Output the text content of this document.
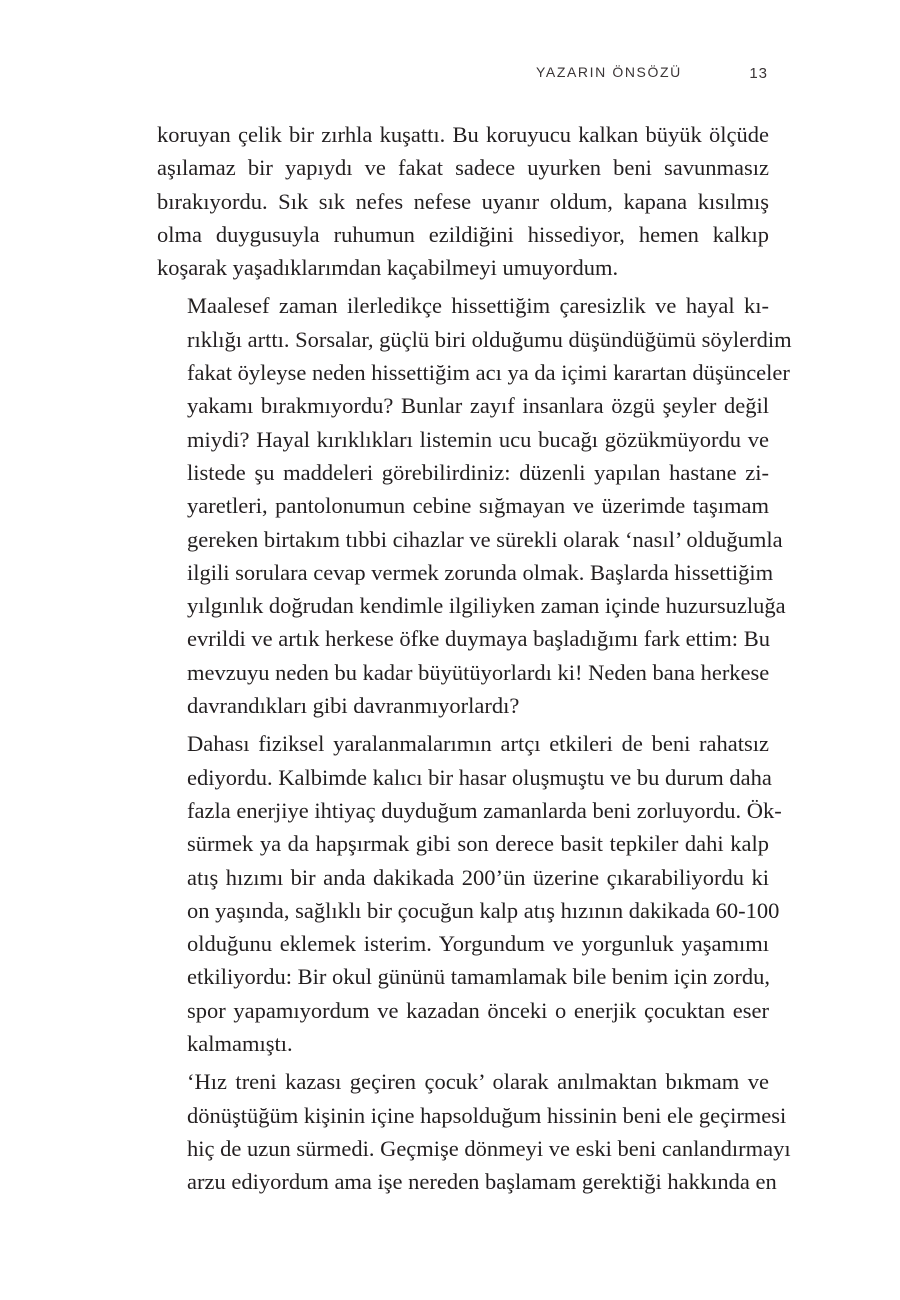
YAZARIN ÖNSÖZÜ	13

koruyan çelik bir zırhla kuşattı. Bu koruyucu kalkan büyük ölçüde
aşılamaz bir yapıydı ve fakat sadece uyurken beni savunmasız
bırakıyordu. Sık sık nefes nefese uyanır oldum, kapana kısılmış
olma duygusuyla ruhumun ezildiğini hissediyor, hemen kalkıp
koşarak yaşadıklarımdan kaçabilmeyi umuyordum.

Maalesef zaman ilerledikçe hissettiğim çaresizlik ve hayal kı-
rıklığı arttı. Sorsalar, güçlü biri olduğumu düşündüğümü söylerdim
fakat öyleyse neden hissettiğim acı ya da içimi karartan düşünceler
yakamı bırakmıyordu? Bunlar zayıf insanlara özgü şeyler değil
miydi? Hayal kırıklıkları listemin ucu bucağı gözükmüyordu ve
listede şu maddeleri görebilirdiniz: düzenli yapılan hastane zi-
yaretleri, pantolonumun cebine sığmayan ve üzerimde taşımam
gereken birtakım tıbbi cihazlar ve sürekli olarak ‘nasıl’ olduğumla
ilgili sorulara cevap vermek zorunda olmak. Başlarda hissettiğim
yılgınlık doğrudan kendimle ilgiliyken zaman içinde huzursuzluğa
evrildi ve artık herkese öfke duymaya başladığımı fark ettim: Bu
mevzuyu neden bu kadar büyütüyorlardı ki! Neden bana herkese
davrandıkları gibi davranmıyorlardı?

Dahası fiziksel yaralanmalarımın artçı etkileri de beni rahatsız
ediyordu. Kalbimde kalıcı bir hasar oluşmuştu ve bu durum daha
fazla enerjiye ihtiyaç duyduğum zamanlarda beni zorluyordu. Ök-
sürmek ya da hapşırmak gibi son derece basit tepkiler dahi kalp
atış hızımı bir anda dakikada 200’ün üzerine çıkarabiliyordu ki
on yaşında, sağlıklı bir çocuğun kalp atış hızının dakikada 60-100
olduğunu eklemek isterim. Yorgundum ve yorgunluk yaşamımı
etkiliyordu: Bir okul gününü tamamlamak bile benim için zordu,
spor yapamıyordum ve kazadan önceki o enerjik çocuktan eser
kalmamıştı.

‘Hız treni kazası geçiren çocuk’ olarak anılmaktan bıkmam ve
dönüştüğüm kişinin içine hapsolduğum hissinin beni ele geçirmesi
hiç de uzun sürmedi. Geçmişe dönmeyi ve eski beni canlandırmayı
arzu ediyordum ama işe nereden başlamam gerektiği hakkında en
